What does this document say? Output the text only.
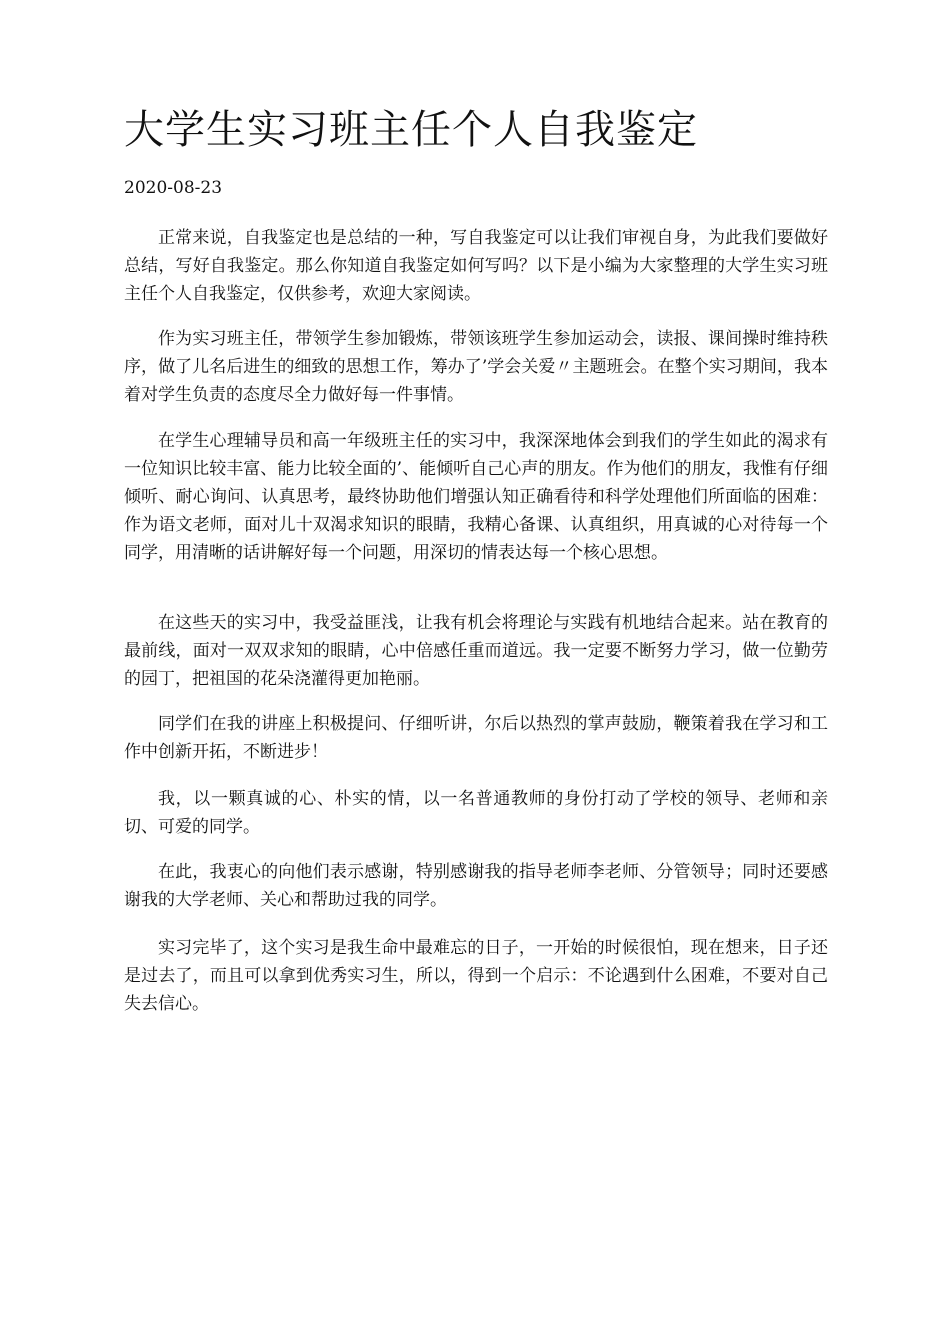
大学生实习班主任个人自我鉴定

2020-08-23

正常来说，自我鉴定也是总结的一种，写自我鉴定可以让我们审视自身，为此我们要做好总结，写好自我鉴定。那么你知道自我鉴定如何写吗？以下是小编为大家整理的大学生实习班主任个人自我鉴定，仅供参考，欢迎大家阅读。

作为实习班主任，带领学生参加锻炼，带领该班学生参加运动会，读报、课间操时维持秩序，做了儿名后进生的细致的思想工作，筹办了’学会关爱〃主题班会。在整个实习期间，我本着对学生负责的态度尽全力做好每一件事情。

在学生心理辅导员和高一年级班主任的实习中，我深深地体会到我们的学生如此的渴求有一位知识比较丰富、能力比较全面的’、能倾听自己心声的朋友。作为他们的朋友，我惟有仔细倾听、耐心询问、认真思考，最终协助他们增强认知正确看待和科学处理他们所面临的困难：作为语文老师，面对儿十双渴求知识的眼睛，我精心备课、认真组织，用真诚的心对待每一个同学，用清晰的话讲解好每一个问题，用深切的情表达每一个核心思想。

在这些天的实习中，我受益匪浅，让我有机会将理论与实践有机地结合起来。站在教育的最前线，面对一双双求知的眼睛，心中倍感任重而道远。我一定要不断努力学习，做一位勤劳的园丁，把祖国的花朵浇灌得更加艳丽。

同学们在我的讲座上积极提问、仔细听讲，尔后以热烈的掌声鼓励，鞭策着我在学习和工作中创新开拓，不断进步！

我，以一颗真诚的心、朴实的情，以一名普通教师的身份打动了学校的领导、老师和亲切、可爱的同学。

在此，我衷心的向他们表示感谢，特别感谢我的指导老师李老师、分管领导；同时还要感谢我的大学老师、关心和帮助过我的同学。

实习完毕了，这个实习是我生命中最难忘的日子，一开始的时候很怕，现在想来，日子还是过去了，而且可以拿到优秀实习生，所以，得到一个启示：不论遇到什么困难，不要对自己失去信心。
